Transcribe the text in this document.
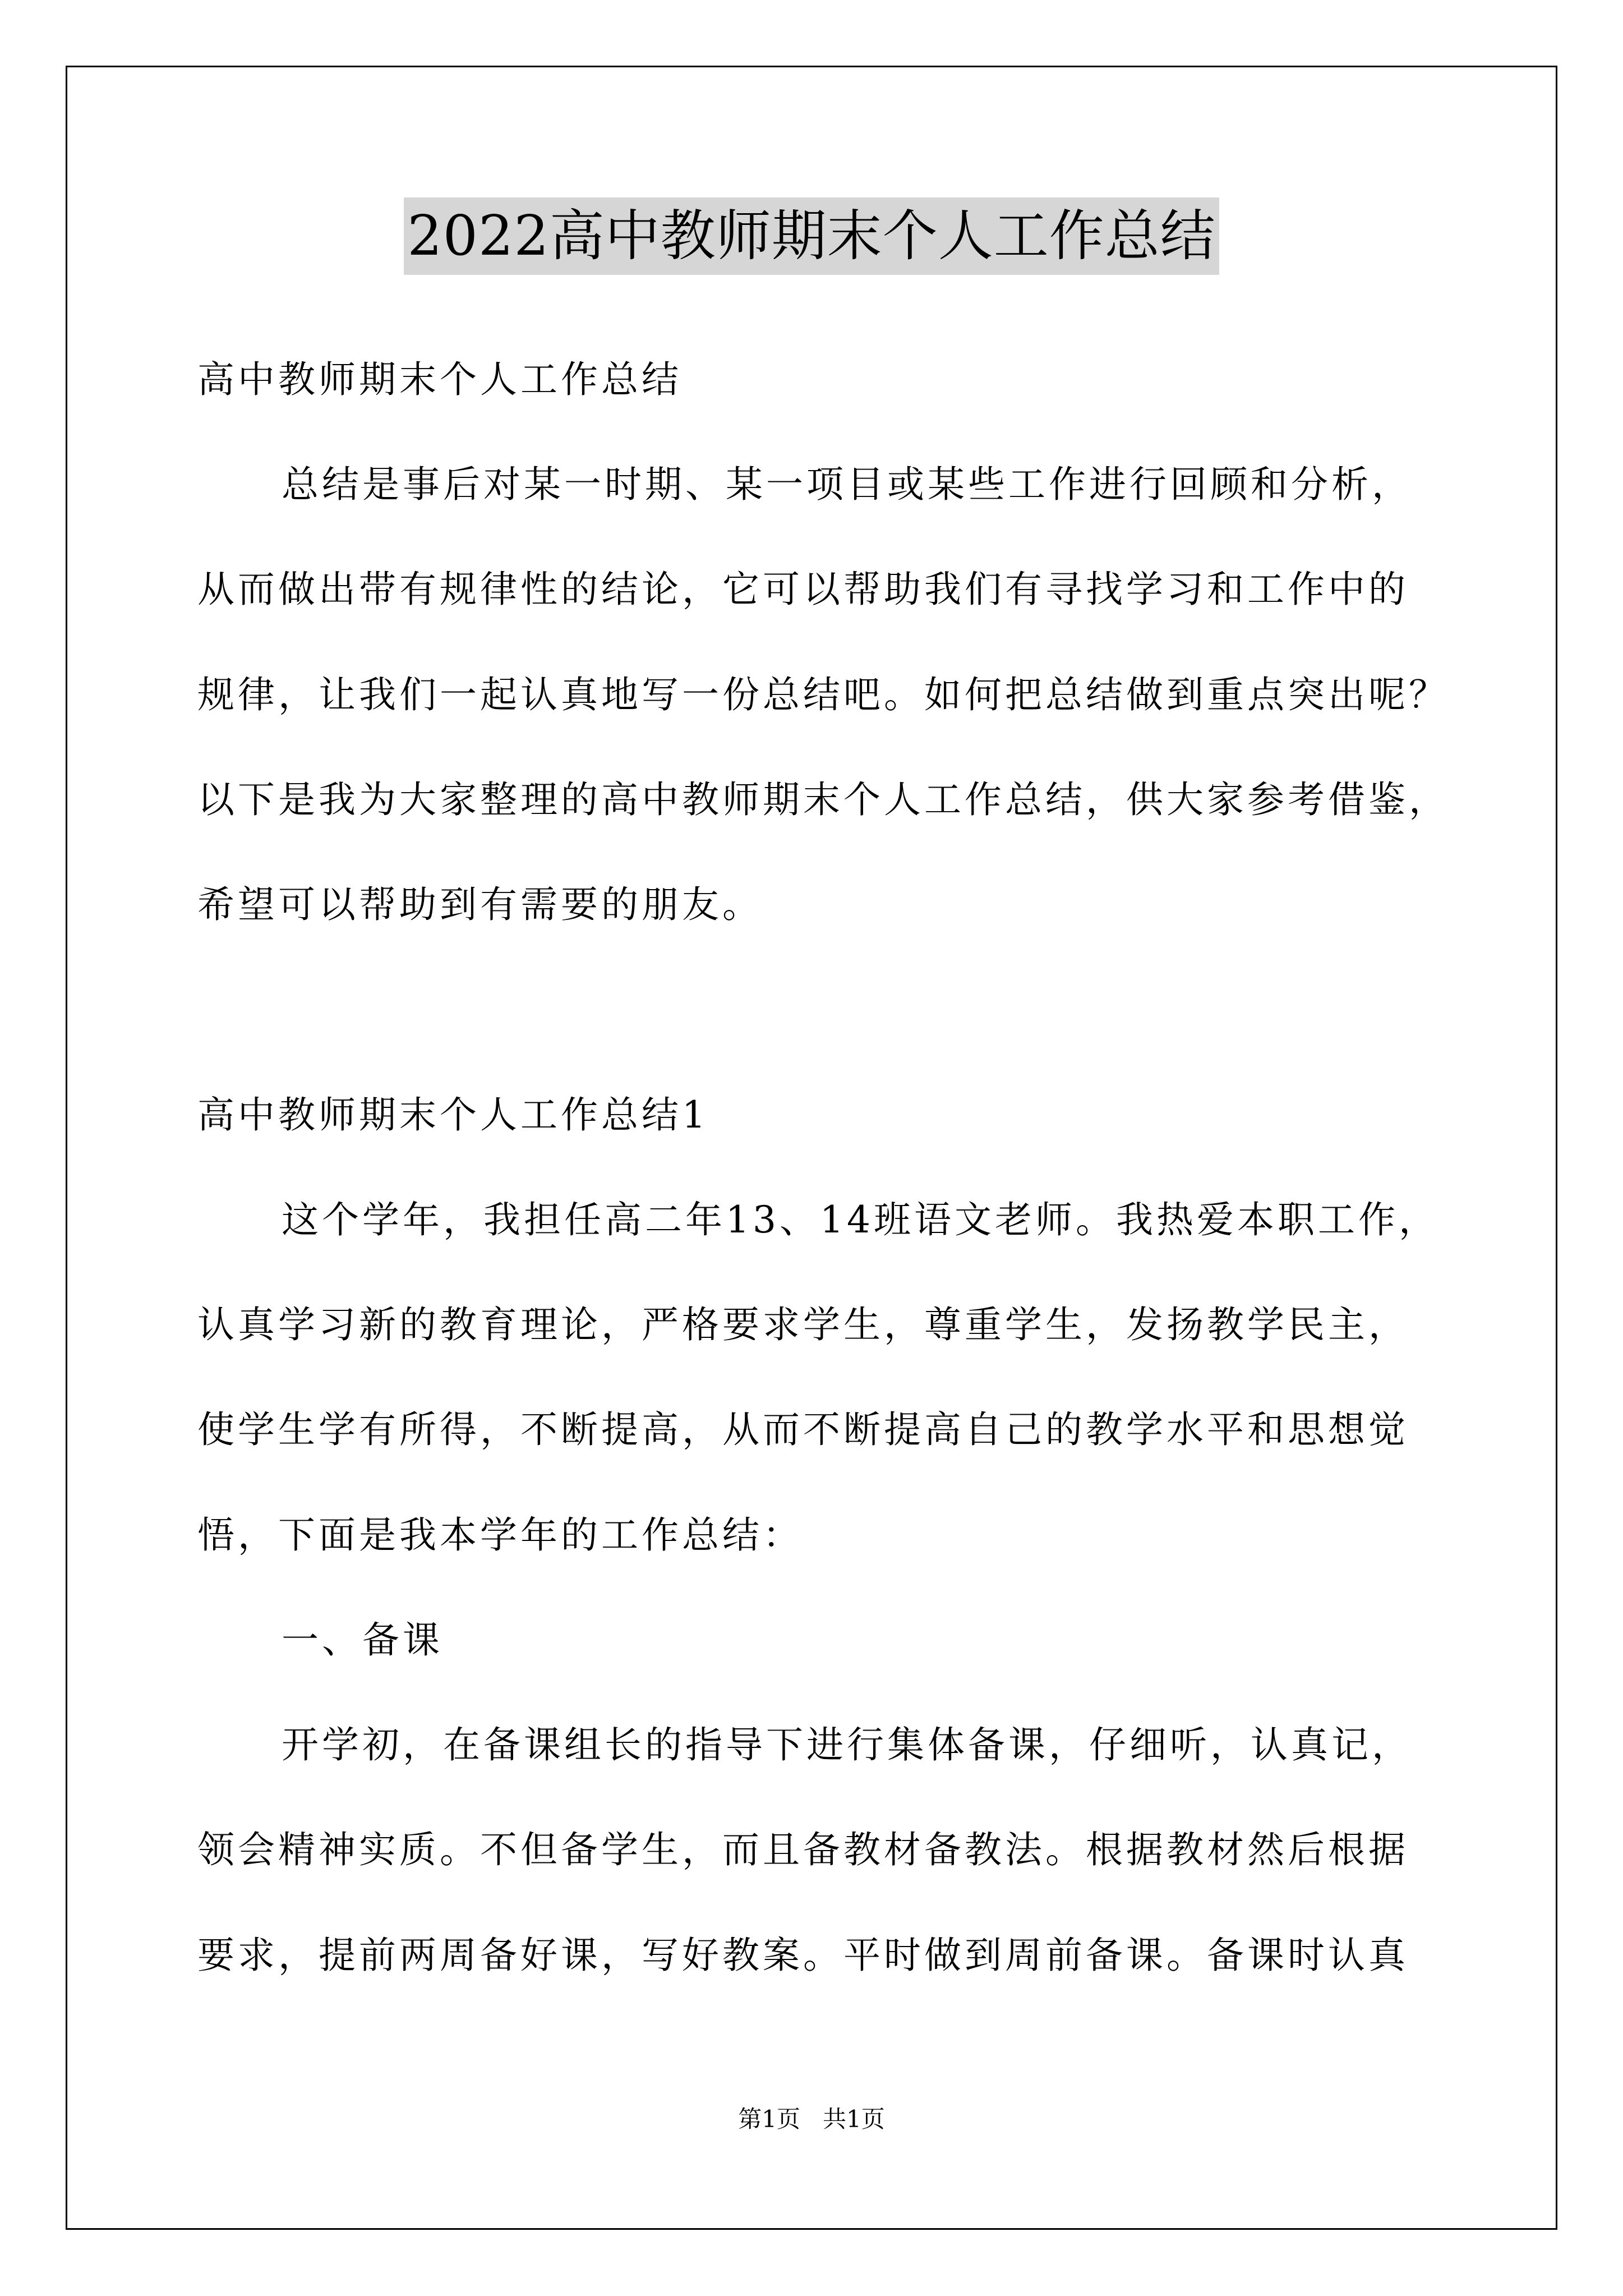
2022高中教师期末个人工作总结

高中教师期末个人工作总结

总结是事后对某一时期、某一项目或某些工作进行回顾和分析，

从而做出带有规律性的结论，它可以帮助我们有寻找学习和工作中的

规律，让我们一起认真地写一份总结吧。如何把总结做到重点突出呢？

以下是我为大家整理的高中教师期末个人工作总结，供大家参考借鉴，

希望可以帮助到有需要的朋友。

高中教师期末个人工作总结1

这个学年，我担任高二年13、14班语文老师。我热爱本职工作，

认真学习新的教育理论，严格要求学生，尊重学生，发扬教学民主，

使学生学有所得，不断提高，从而不断提高自己的教学水平和思想觉

悟，下面是我本学年的工作总结：

一、备课

开学初，在备课组长的指导下进行集体备课，仔细听，认真记，

领会精神实质。不但备学生，而且备教材备教法。根据教材然后根据

要求，提前两周备好课，写好教案。平时做到周前备课。备课时认真

第1页   共1页
